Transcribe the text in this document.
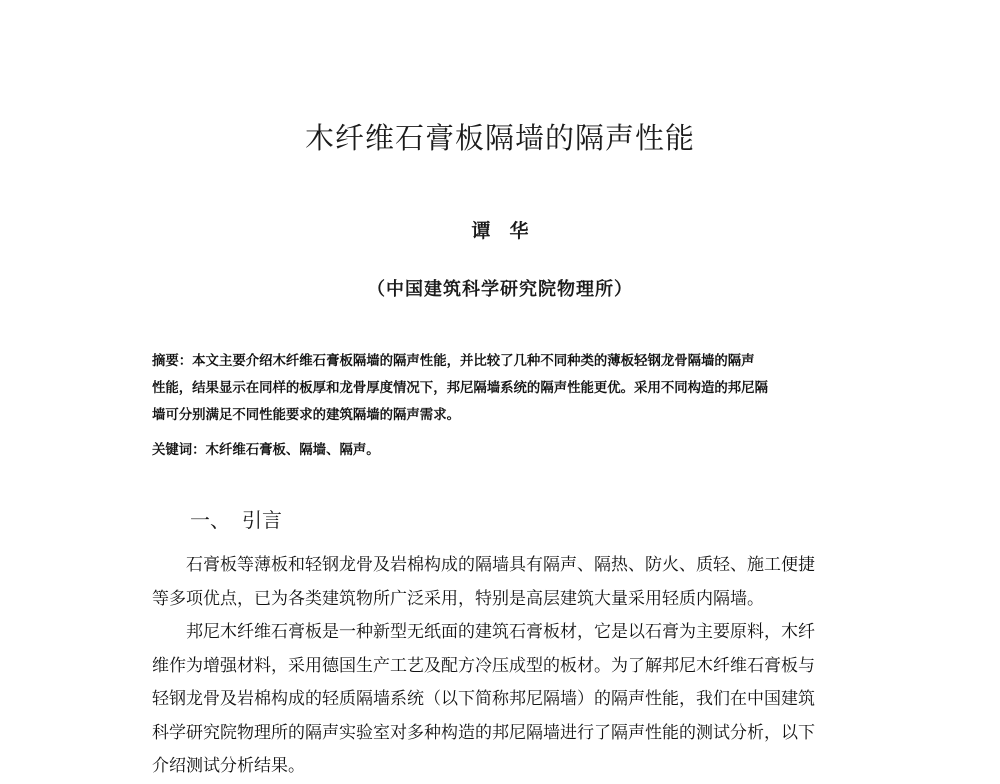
木纤维石膏板隔墙的隔声性能
谭　华
（中国建筑科学研究院物理所）
摘要：本文主要介绍木纤维石膏板隔墙的隔声性能，并比较了几种不同种类的薄板轻钢龙骨隔墙的隔声
性能，结果显示在同样的板厚和龙骨厚度情况下，邦尼隔墙系统的隔声性能更优。采用不同构造的邦尼隔
墙可分别满足不同性能要求的建筑隔墙的隔声需求。
关键词：木纤维石膏板、隔墙、隔声。
一、 引言
　　石膏板等薄板和轻钢龙骨及岩棉构成的隔墙具有隔声、隔热、防火、质轻、施工便捷
等多项优点，已为各类建筑物所广泛采用，特别是高层建筑大量采用轻质内隔墙。
　　邦尼木纤维石膏板是一种新型无纸面的建筑石膏板材，它是以石膏为主要原料，木纤
维作为增强材料，采用德国生产工艺及配方冷压成型的板材。为了解邦尼木纤维石膏板与
轻钢龙骨及岩棉构成的轻质隔墙系统（以下简称邦尼隔墙）的隔声性能，我们在中国建筑
科学研究院物理所的隔声实验室对多种构造的邦尼隔墙进行了隔声性能的测试分析，以下
介绍测试分析结果。
